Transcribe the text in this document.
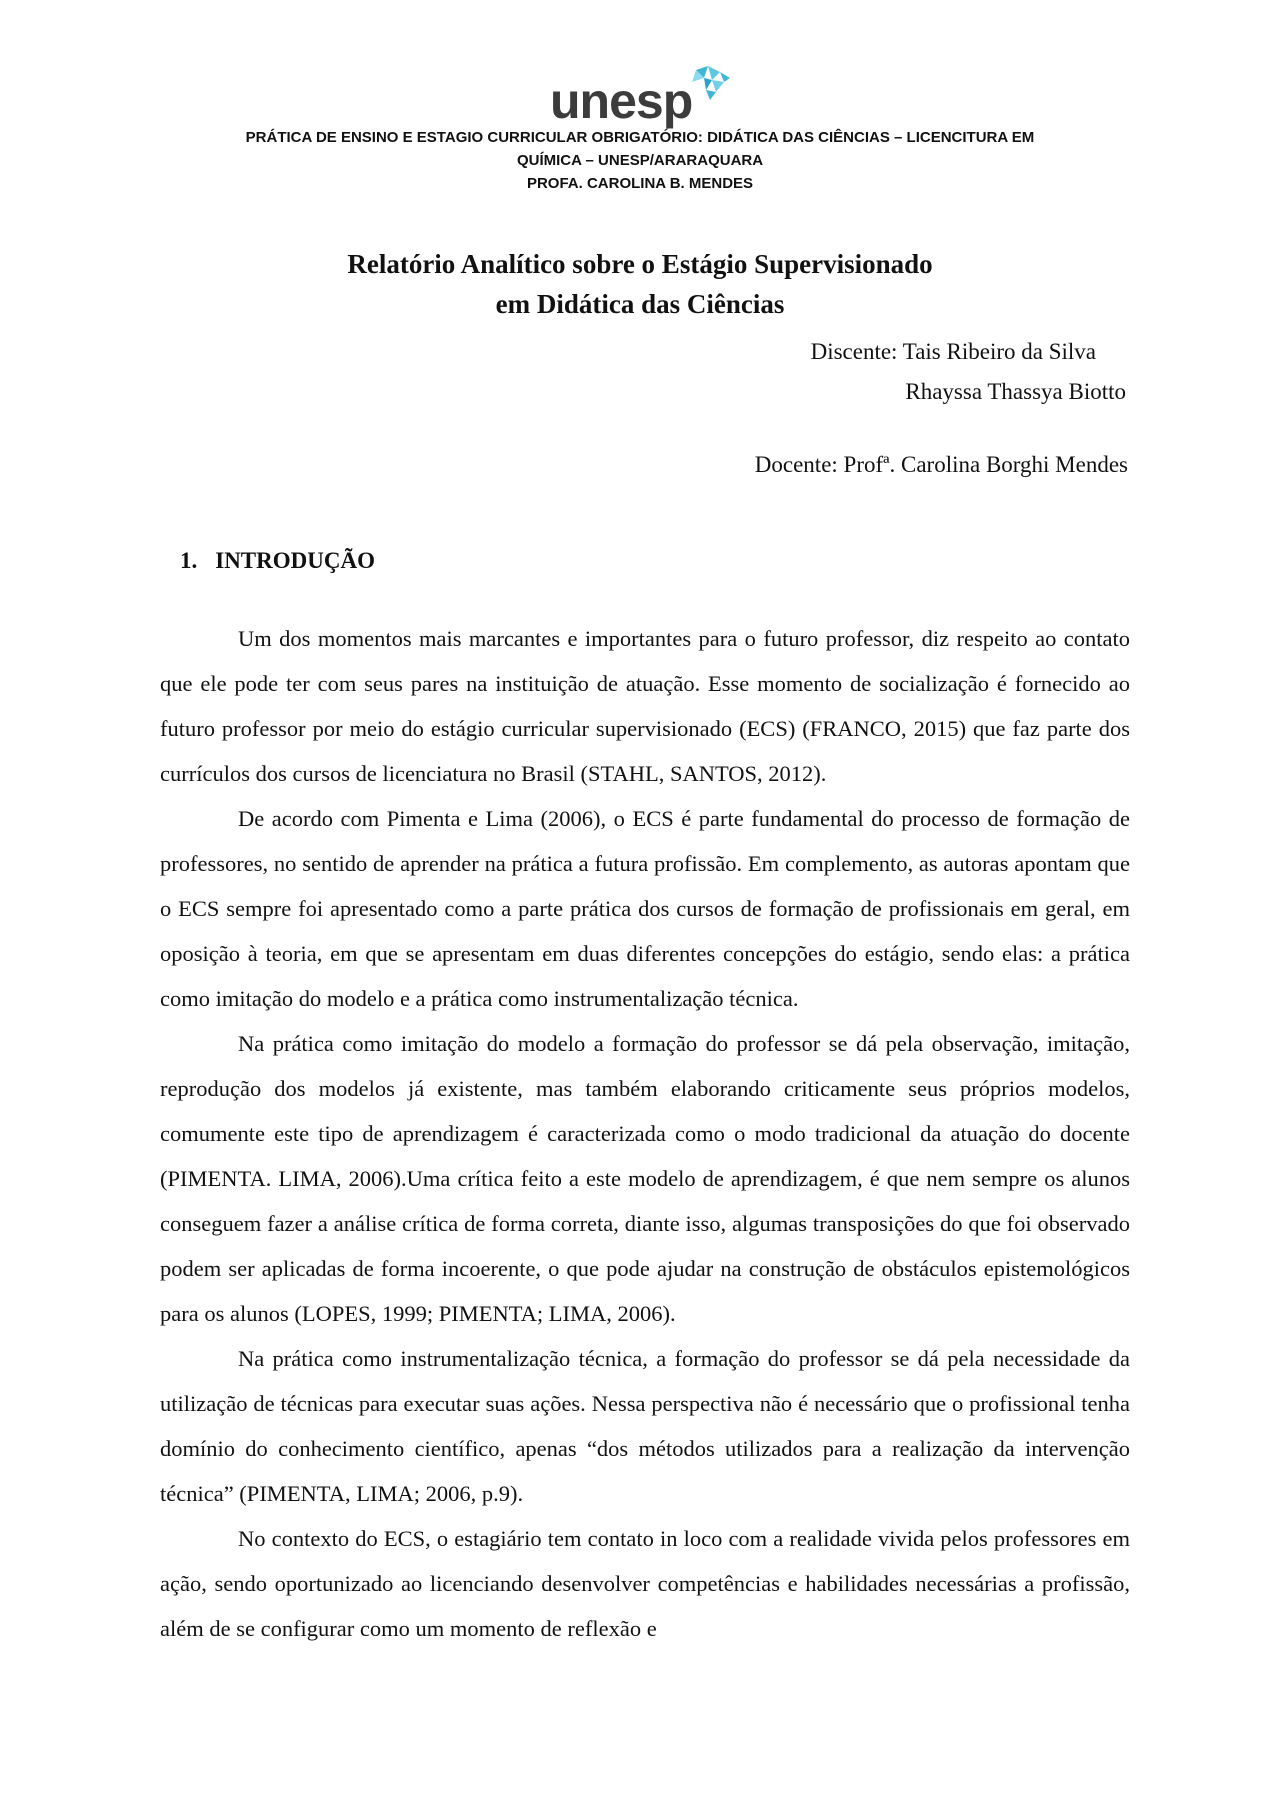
unesp
PRÁTICA DE ENSINO E ESTAGIO CURRICULAR OBRIGATÓRIO: DIDÁTICA DAS CIÊNCIAS – LICENCITURA EM
QUÍMICA – UNESP/ARARAQUARA
PROFA. CAROLINA B. MENDES
Relatório Analítico sobre o Estágio Supervisionado
em Didática das Ciências
Discente: Tais Ribeiro da Silva
Rhayssa Thassya Biotto
Docente: Profª. Carolina Borghi Mendes
1. INTRODUÇÃO

Um dos momentos mais marcantes e importantes para o futuro professor, diz respeito ao contato que ele pode ter com seus pares na instituição de atuação. Esse momento de socialização é fornecido ao futuro professor por meio do estágio curricular supervisionado (ECS) (FRANCO, 2015) que faz parte dos currículos dos cursos de licenciatura no Brasil (STAHL, SANTOS, 2012).

De acordo com Pimenta e Lima (2006), o ECS é parte fundamental do processo de formação de professores, no sentido de aprender na prática a futura profissão. Em complemento, as autoras apontam que o ECS sempre foi apresentado como a parte prática dos cursos de formação de profissionais em geral, em oposição à teoria, em que se apresentam em duas diferentes concepções do estágio, sendo elas: a prática como imitação do modelo e a prática como instrumentalização técnica.

Na prática como imitação do modelo a formação do professor se dá pela observação, imitação, reprodução dos modelos já existente, mas também elaborando criticamente seus próprios modelos, comumente este tipo de aprendizagem é caracterizada como o modo tradicional da atuação do docente (PIMENTA. LIMA, 2006).Uma crítica feito a este modelo de aprendizagem, é que nem sempre os alunos conseguem fazer a análise crítica de forma correta, diante isso, algumas transposições do que foi observado podem ser aplicadas de forma incoerente, o que pode ajudar na construção de obstáculos epistemológicos para os alunos (LOPES, 1999; PIMENTA; LIMA, 2006).

Na prática como instrumentalização técnica, a formação do professor se dá pela necessidade da utilização de técnicas para executar suas ações. Nessa perspectiva não é necessário que o profissional tenha domínio do conhecimento científico, apenas “dos métodos utilizados para a realização da intervenção técnica” (PIMENTA, LIMA; 2006, p.9).

No contexto do ECS, o estagiário tem contato in loco com a realidade vivida pelos professores em ação, sendo oportunizado ao licenciando desenvolver competências e habilidades necessárias a profissão, além de se configurar como um momento de reflexão e
